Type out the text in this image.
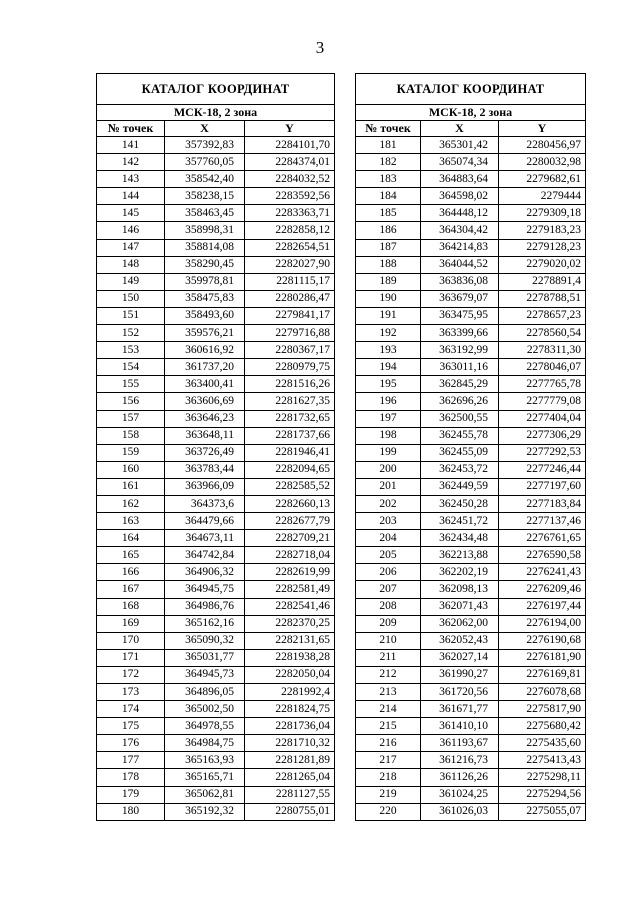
3
КАТАЛОГ КООРДИНАТ		
МСК-18, 2 зона		
№ точек	X	Y
141	357392,83	2284101,70
142	357760,05	2284374,01
143	358542,40	2284032,52
144	358238,15	2283592,56
145	358463,45	2283363,71
146	358998,31	2282858,12
147	358814,08	2282654,51
148	358290,45	2282027,90
149	359978,81	2281115,17
150	358475,83	2280286,47
151	358493,60	2279841,17
152	359576,21	2279716,88
153	360616,92	2280367,17
154	361737,20	2280979,75
155	363400,41	2281516,26
156	363606,69	2281627,35
157	363646,23	2281732,65
158	363648,11	2281737,66
159	363726,49	2281946,41
160	363783,44	2282094,65
161	363966,09	2282585,52
162	364373,6	2282660,13
163	364479,66	2282677,79
164	364673,11	2282709,21
165	364742,84	2282718,04
166	364906,32	2282619,99
167	364945,75	2282581,49
168	364986,76	2282541,46
169	365162,16	2282370,25
170	365090,32	2282131,65
171	365031,77	2281938,28
172	364945,73	2282050,04
173	364896,05	2281992,4
174	365002,50	2281824,75
175	364978,55	2281736,04
176	364984,75	2281710,32
177	365163,93	2281281,89
178	365165,71	2281265,04
179	365062,81	2281127,55
180	365192,32	2280755,01
КАТАЛОГ КООРДИНАТ		
МСК-18, 2 зона		
№ точек	X	Y
181	365301,42	2280456,97
182	365074,34	2280032,98
183	364883,64	2279682,61
184	364598,02	2279444
185	364448,12	2279309,18
186	364304,42	2279183,23
187	364214,83	2279128,23
188	364044,52	2279020,02
189	363836,08	2278891,4
190	363679,07	2278788,51
191	363475,95	2278657,23
192	363399,66	2278560,54
193	363192,99	2278311,30
194	363011,16	2278046,07
195	362845,29	2277765,78
196	362696,26	2277779,08
197	362500,55	2277404,04
198	362455,78	2277306,29
199	362455,09	2277292,53
200	362453,72	2277246,44
201	362449,59	2277197,60
202	362450,28	2277183,84
203	362451,72	2277137,46
204	362434,48	2276761,65
205	362213,88	2276590,58
206	362202,19	2276241,43
207	362098,13	2276209,46
208	362071,43	2276197,44
209	362062,00	2276194,00
210	362052,43	2276190,68
211	362027,14	2276181,90
212	361990,27	2276169,81
213	361720,56	2276078,68
214	361671,77	2275817,90
215	361410,10	2275680,42
216	361193,67	2275435,60
217	361216,73	2275413,43
218	361126,26	2275298,11
219	361024,25	2275294,56
220	361026,03	2275055,07
